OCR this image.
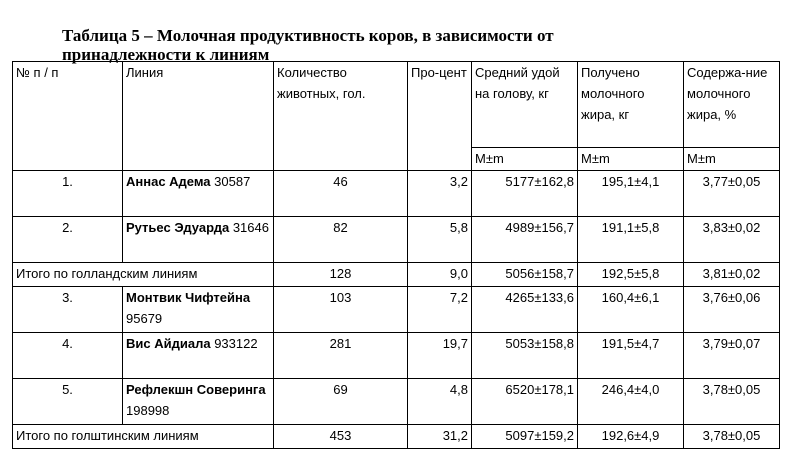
Таблица 5 – Молочная продуктивность коров, в зависимости от
принадлежности к линиям
№ п / п	Линия	Количество животных, гол.	Про-цент	Средний удой на голову, кг	Получено молочного жира, кг	Содержа-ние молочного жира, %
				M±m	M±m	M±m
1.	Аннас Адема 30587	46	3,2	5177±162,8	195,1±4,1	3,77±0,05
2.	Рутьес Эдуарда 31646	82	5,8	4989±156,7	191,1±5,8	3,83±0,02
Итого по голландским линиям		128	9,0	5056±158,7	192,5±5,8	3,81±0,02
3.	Монтвик Чифтейна 95679	103	7,2	4265±133,6	160,4±6,1	3,76±0,06
4.	Вис Айдиала 933122	281	19,7	5053±158,8	191,5±4,7	3,79±0,07
5.	Рефлекшн Соверинга 198998	69	4,8	6520±178,1	246,4±4,0	3,78±0,05
Итого по голштинским линиям		453	31,2	5097±159,2	192,6±4,9	3,78±0,05
